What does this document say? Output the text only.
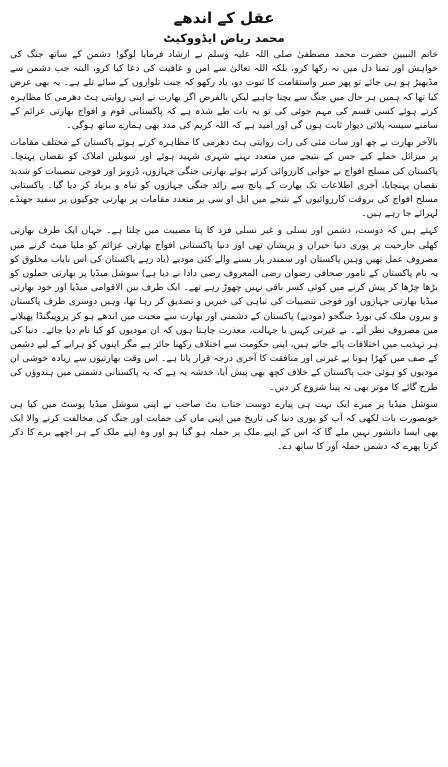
عقل کے اندھے
محمد ریاض ایڈووکیٹ

خاتم النبیین حضرت محمد مصطفیٰ صلی اللہ علیہ وسلم نے ارشاد فرمایا لوگو! دشمن کے ساتھ جنگ کی خواہش اور تمنا دل میں نہ رکھا کرو، بلکہ اللہ تعالیٰ سے امن و عافیت کی دعا کیا کرو، البتہ جب دشمن سے مڈبھیڑ ہو ہی جائے تو پھر صبر واستقامت کا ثبوت دو، یاد رکھو کہ جنت تلواروں کے سائے تلے ہے۔ یہ بھی عرض کیا تھا کہ ہمیں ہر حال میں جنگ سے بچنا چاہیے لیکن بالفرض اگر بھارت نے اپنی روایتی ہٹ دھرمی کا مظاہرہ کرتے ہوئے کسی قسم کی مہم جوئی کی تو یہ بات طے شدہ ہے کہ پاکستانی قوم و افواج بھارتی عزائم کے سامنے سیسہ پلائی دیوار ثابت ہوں گی اور امید ہے کہ اللہ کریم کی مدد بھی ہمارے ساتھ ہوگی۔

بالآخر بھارت نے چھ اور سات مئی کی رات روایتی ہٹ دھرمی کا مظاہرہ کرتے ہوئے پاکستان کے مختلف مقامات پر میزائل حملے کیے جس کے نتیجے میں متعدد نہتے شہری شہید ہوئے اور سویلین املاک کو نقصان پہنچا۔ پاکستان کی مسلح افواج نے جوابی کارروائی کرتے ہوئے بھارتی جنگی جہازوں، ڈرونز اور فوجی تنصیبات کو شدید نقصان پہنچایا، آخری اطلاعات تک بھارت کے پانچ سے زائد جنگی جہازوں کو تباہ و برباد کر دیا گیا۔ پاکستانی مسلح افواج کی بروقت کارروائیوں کے نتیجے میں ایل او سی پر متعدد مقامات پر بھارتی چوکیوں پر سفید جھنڈے لہرائے جا رہے ہیں۔

کہتے ہیں کہ دوست، دشمن اور نسلی و غیر نسلی فرد کا پتا مصیبت میں چلتا ہے۔ جہاں ایک طرف بھارتی کھلی جارحیت پر پوری دنیا حیران و پریشان تھی اور دنیا پاکستانی افواج بھارتی عزائم کو ملیا میٹ کرنے میں مصروف عمل تھیں وہیں پاکستان اور سمندر پار بسنے والے کئی مودیے (یاد رہے پاکستان کی اس نایاب مخلوق کو یہ نام پاکستان کے نامور صحافی رضوان رضی المعروف رضی دادا نے دیا ہے) سوشل میڈیا پر بھارتی حملوں کو بڑھا چڑھا کر پیش کرنے میں کوئی کسر باقی نہیں چھوڑ رہے تھے۔ ایک طرف بین الاقوامی میڈیا اور خود بھارتی میڈیا بھارتی جہازوں اور فوجی تنصیبات کی تباہی کی خبریں و تصدیق کر رہا تھا، وہیں دوسری طرف پاکستان و بیرون ملک کی بورڈ جنگجو (مودیے) پاکستان کے دشمنی اور بھارت سے محبت میں اندھے ہو کر پروپیگنڈا پھیلانے میں مصروف نظر آئے۔ بے غیرتی کہیں یا جہالت، معذرت چاہتا ہوں کہ ان مودیوں کو کیا نام دیا جائے۔ دنیا کی ہر تہذیب میں اختلافات پائے جاتے ہیں، اپنی حکومت سے اختلاف رکھنا جائز ہے مگر اپنوں کو ہرانے کے لیے دشمن کے صف میں کھڑا ہونا بے غیرتی اور منافقت کا آخری درجہ قرار پاتا ہے۔ اس وقت بھارتیوں سے زیادہ خوشی ان مودیوں کو ہوئی جب پاکستان کے خلاف کچھ بھی پیش آیا، خدشہ یہ ہے کہ یہ پاکستانی دشمنی میں ہندوؤں کی طرح گائے کا موتر بھی نہ پینا شروع کر دیں۔

سوشل میڈیا پر میرے ایک بہت ہی پیارے دوست جناب بٹ صاحب نے اپنی سوشل میڈیا پوسٹ میں کیا ہی خوبصورت بات لکھی کہ آپ کو پوری دنیا کی تاریخ میں اپنی ماں کی حمایت اور جنگ کی مخالفت کرنے والا ایک بھی ایسا دانشور نہیں ملے گا کہ اس کے اپنے ملک پر حملہ ہو گیا ہو اور وہ اپنے ملک کے ہر اچھے برے کا ذکر کرتا پھرے کہ دشمن حملہ آور کا ساتھ دے۔
